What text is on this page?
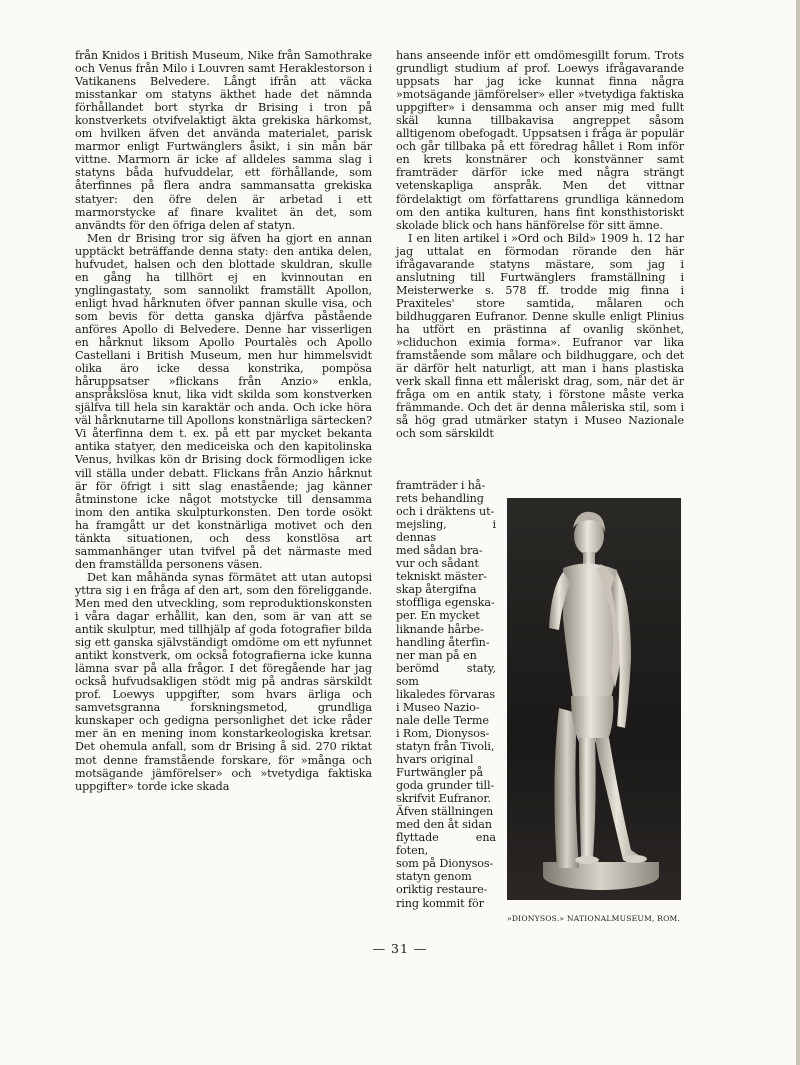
från Knidos i British Museum, Nike från Samothrake och Venus från Milo i Louvren samt Heraklestorson i Vatikanens Belvedere. Långt ifrån att väcka misstankar om statyns äkthet hade det nämnda förhållandet bort styrka dr Brising i tron på konstverkets otvifvelaktigt äkta grekiska härkomst, om hvilken äfven det använda materialet, parisk marmor enligt Furtwänglers åsikt, i sin mån bär vittne. Marmorn är icke af alldeles samma slag i statyns båda hufvuddelar, ett förhållande, som återfinnes på flera andra sammansatta grekiska statyer: den öfre delen är arbetad i ett marmorstycke af finare kvalitet än det, som användts för den öfriga delen af statyn.

Men dr Brising tror sig äfven ha gjort en annan upptäckt beträffande denna staty: den antika delen, hufvudet, halsen och den blottade skuldran, skulle en gång ha tillhört ej en kvinnoutan en ynglingastaty, som sannolikt framställt Apollon, enligt hvad hårknuten öfver pannan skulle visa, och som bevis för detta ganska djärfva påstående anföres Apollo di Belvedere. Denne har visserligen en hårknut liksom Apollo Pourtalès och Apollo Castellani i British Museum, men hur himmelsvidt olika äro icke dessa konstrika, pompösa håruppsatser »flickans från Anzio» enkla, anspråkslösa knut, lika vidt skilda som konstverken själfva till hela sin karaktär och anda. Och icke höra väl hårknutarne till Apollons konstnärliga särtecken? Vi återfinna dem t. ex. på ett par mycket bekanta antika statyer, den mediceiska och den kapitolinska Venus, hvilkas kön dr Brising dock förmodligen icke vill ställa under debatt. Flickans från Anzio hårknut är för öfrigt i sitt slag enastående; jag känner åtminstone icke något motstycke till densamma inom den antika skulpturkonsten. Den torde osökt ha framgått ur det konstnärliga motivet och den tänkta situationen, och dess konstlösa art sammanhänger utan tvifvel på det närmaste med den framställda personens väsen.

Det kan måhända synas förmätet att utan autopsi yttra sig i en fråga af den art, som den föreliggande. Men med den utveckling, som reproduktionskonsten i våra dagar erhållit, kan den, som är van att se antik skulptur, med tillhjälp af goda fotografier bilda sig ett ganska självständigt omdöme om ett nyfunnet antikt konstverk, om också fotografierna icke kunna lämna svar på alla frågor. I det föregående har jag också hufvudsakligen stödt mig på andras särskildt prof. Loewys uppgifter, som hvars ärliga och samvetsgranna forskningsmetod, grundliga kunskaper och gedigna personlighet det icke råder mer än en mening inom konstarkeologiska kretsar. Det ohemula anfall, som dr Brising å sid. 270 riktat mot denne framstående forskare, för »många och motsägande jämförelser» och »tvetydiga faktiska uppgifter» torde icke skada

hans anseende inför ett omdömesgillt forum. Trots grundligt studium af prof. Loewys ifrågavarande uppsats har jag icke kunnat finna några »motsägande jämförelser» eller »tvetydiga faktiska uppgifter» i densamma och anser mig med fullt skäl kunna tillbakavisa angreppet såsom alltigenom obefogadt. Uppsatsen i fråga är populär och går tillbaka på ett föredrag hållet i Rom inför en krets konstnärer och konstvänner samt framträder därför icke med några strängt vetenskapliga anspråk. Men det vittnar fördelaktigt om författarens grundliga kännedom om den antika kulturen, hans fint konsthistoriskt skolade blick och hans hänförelse för sitt ämne.

I en liten artikel i »Ord och Bild» 1909 h. 12 har jag uttalat en förmodan rörande den här ifrågavarande statyns mästare, som jag i anslutning till Furtwänglers framställning i Meisterwerke s. 578 ff. trodde mig finna i Praxiteles' store samtida, målaren och bildhuggaren Eufranor. Denne skulle enligt Plinius ha utfört en prästinna af ovanlig skönhet, »cliduchon eximia forma». Eufranor var lika framstående som målare och bildhuggare, och det är därför helt naturligt, att man i hans plastiska verk skall finna ett måleriskt drag, som, när det är fråga om en antik staty, i förstone måste verka främmande. Och det är denna måleriska stil, som i så hög grad utmärker statyn i Museo Nazionale och som särskildt

framträder i hå-
rets behandling
och i dräktens ut-
mejsling, i dennas
med sådan bra-
vur och sådant
tekniskt mäster-
skap återgifna
stoffliga egenska-
per. En mycket
liknande hårbe-
handling återfin-
ner man på en
berömd staty, som
likaledes förvaras
i Museo Nazio-
nale delle Terme
i Rom, Dionysos-
statyn från Tivoli,
hvars original
Furtwängler på
goda grunder till-
skrifvit Eufranor.
Äfven ställningen
med den åt sidan
flyttade ena foten,
som på Dionysos-
statyn genom
oriktig restaure-
ring kommit för
»DIONYSOS.» NATIONALMUSEUM, ROM.
— 31 —
